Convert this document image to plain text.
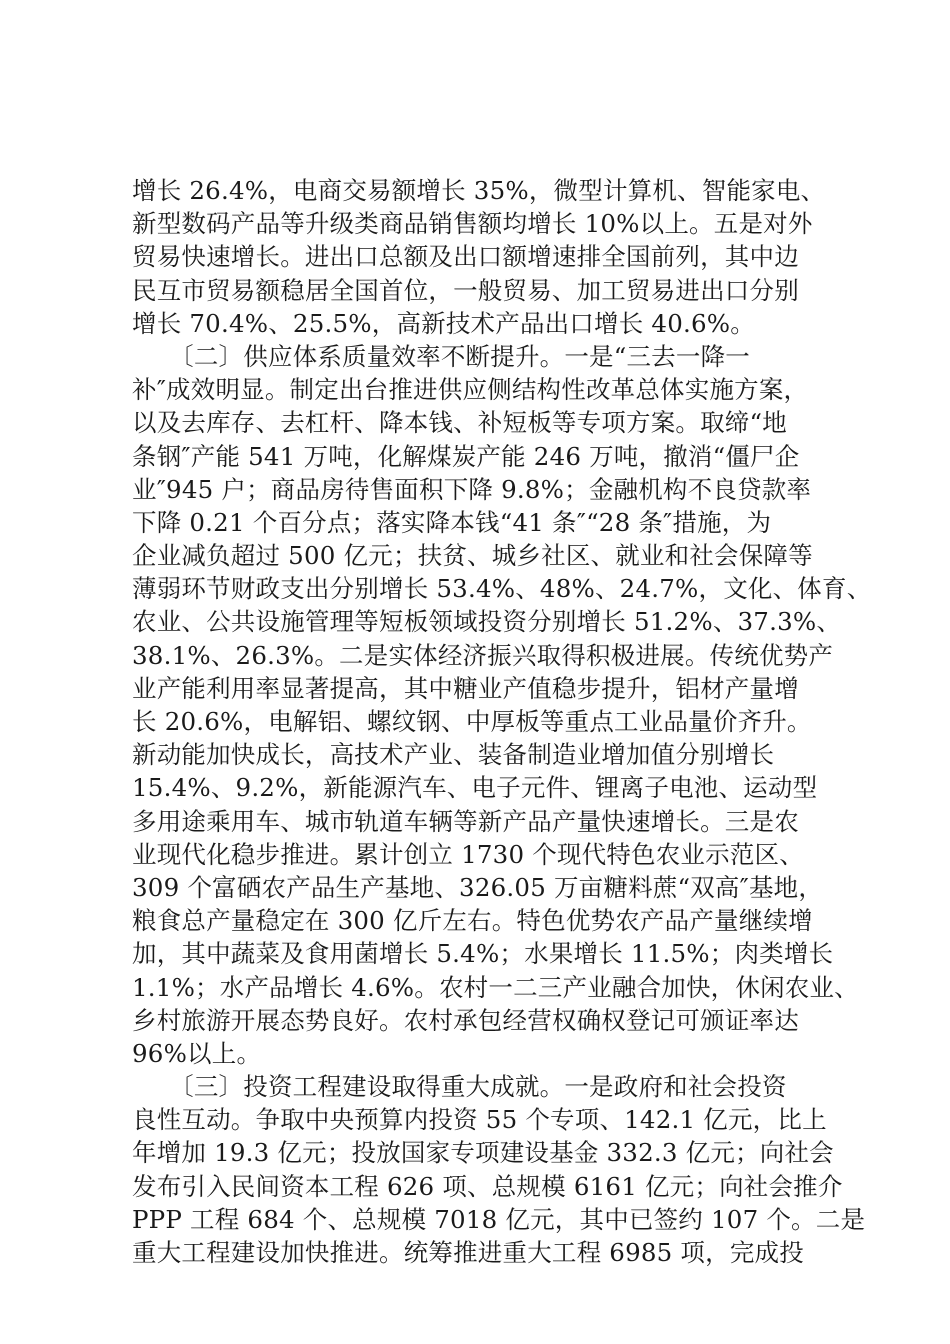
增长 26.4%，电商交易额增长 35%，微型计算机、智能家电、
新型数码产品等升级类商品销售额均增长 10%以上。五是对外
贸易快速增长。进出口总额及出口额增速排全国前列，其中边
民互市贸易额稳居全国首位，一般贸易、加工贸易进出口分别
增长 70.4%、25.5%，高新技术产品出口增长 40.6%。
　　〔二〕供应体系质量效率不断提升。一是“三去一降一
补″成效明显。制定出台推进供应侧结构性改革总体实施方案，
以及去库存、去杠杆、降本钱、补短板等专项方案。取缔“地
条钢″产能 541 万吨，化解煤炭产能 246 万吨，撤消“僵尸企
业″945 户；商品房待售面积下降 9.8%；金融机构不良贷款率
下降 0.21 个百分点；落实降本钱“41 条″“28 条″措施，为
企业减负超过 500 亿元；扶贫、城乡社区、就业和社会保障等
薄弱环节财政支出分别增长 53.4%、48%、24.7%，文化、体育、
农业、公共设施管理等短板领域投资分别增长 51.2%、37.3%、
38.1%、26.3%。二是实体经济振兴取得积极进展。传统优势产
业产能利用率显著提高，其中糖业产值稳步提升，铝材产量增
长 20.6%，电解铝、螺纹钢、中厚板等重点工业品量价齐升。
新动能加快成长，高技术产业、装备制造业增加值分别增长
15.4%、9.2%，新能源汽车、电子元件、锂离子电池、运动型
多用途乘用车、城市轨道车辆等新产品产量快速增长。三是农
业现代化稳步推进。累计创立 1730 个现代特色农业示范区、
309 个富硒农产品生产基地、326.05 万亩糖料蔗“双高″基地，
粮食总产量稳定在 300 亿斤左右。特色优势农产品产量继续增
加，其中蔬菜及食用菌增长 5.4%；水果增长 11.5%；肉类增长
1.1%；水产品增长 4.6%。农村一二三产业融合加快，休闲农业、
乡村旅游开展态势良好。农村承包经营权确权登记可颁证率达
96%以上。
　　〔三〕投资工程建设取得重大成就。一是政府和社会投资
良性互动。争取中央预算内投资 55 个专项、142.1 亿元，比上
年增加 19.3 亿元；投放国家专项建设基金 332.3 亿元；向社会
发布引入民间资本工程 626 项、总规模 6161 亿元；向社会推介
PPP 工程 684 个、总规模 7018 亿元，其中已签约 107 个。二是
重大工程建设加快推进。统筹推进重大工程 6985 项，完成投
